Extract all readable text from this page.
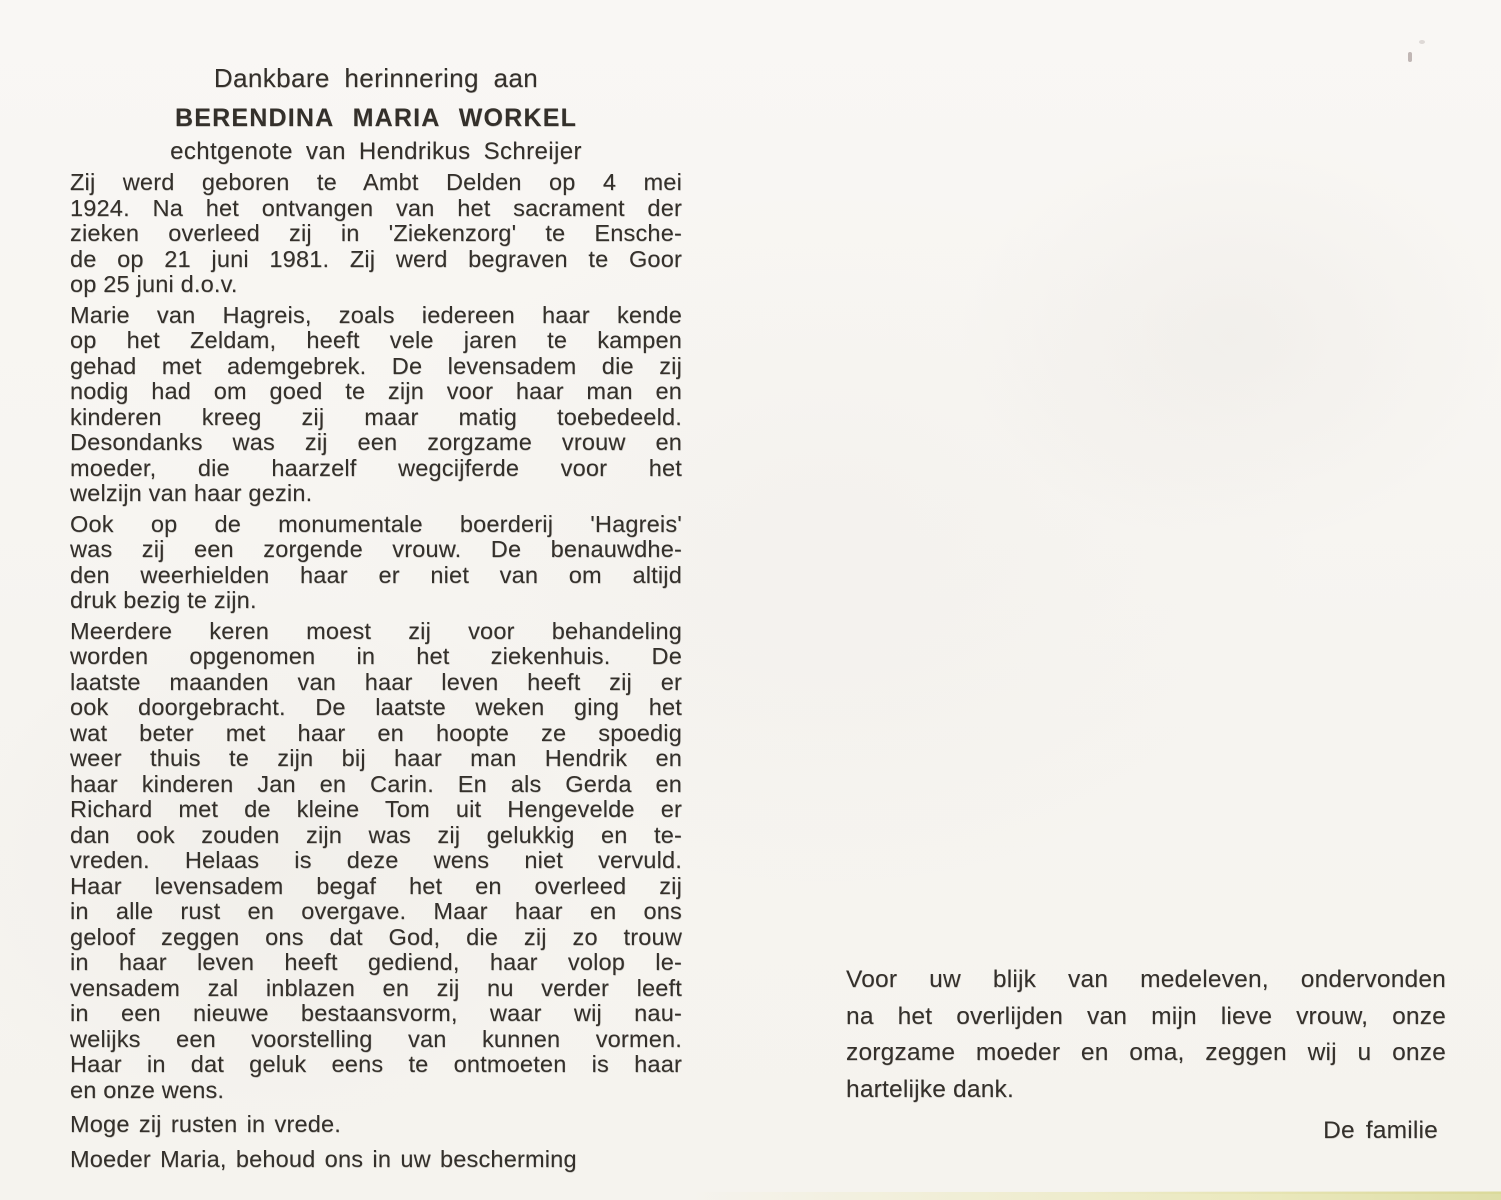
Dankbare herinnering aan
BERENDINA MARIA WORKEL
echtgenote van Hendrikus Schreijer
Zij werd geboren te Ambt Delden op 4 mei
1924. Na het ontvangen van het sacrament der
zieken overleed zij in 'Ziekenzorg' te Ensche-
de op 21 juni 1981. Zij werd begraven te Goor
op 25 juni d.o.v.
Marie van Hagreis, zoals iedereen haar kende
op het Zeldam, heeft vele jaren te kampen
gehad met ademgebrek. De levensadem die zij
nodig had om goed te zijn voor haar man en
kinderen kreeg zij maar matig toebedeeld.
Desondanks was zij een zorgzame vrouw en
moeder, die haarzelf wegcijferde voor het
welzijn van haar gezin.
Ook op de monumentale boerderij 'Hagreis'
was zij een zorgende vrouw. De benauwdhe-
den weerhielden haar er niet van om altijd
druk bezig te zijn.
Meerdere keren moest zij voor behandeling
worden opgenomen in het ziekenhuis. De
laatste maanden van haar leven heeft zij er
ook doorgebracht. De laatste weken ging het
wat beter met haar en hoopte ze spoedig
weer thuis te zijn bij haar man Hendrik en
haar kinderen Jan en Carin. En als Gerda en
Richard met de kleine Tom uit Hengevelde er
dan ook zouden zijn was zij gelukkig en te-
vreden. Helaas is deze wens niet vervuld.
Haar levensadem begaf het en overleed zij
in alle rust en overgave. Maar haar en ons
geloof zeggen ons dat God, die zij zo trouw
in haar leven heeft gediend, haar volop le-
vensadem zal inblazen en zij nu verder leeft
in een nieuwe bestaansvorm, waar wij nau-
welijks een voorstelling van kunnen vormen.
Haar in dat geluk eens te ontmoeten is haar
en onze wens.
Moge zij rusten in vrede.
Moeder Maria, behoud ons in uw bescherming
Voor uw blijk van medeleven, ondervonden
na het overlijden van mijn lieve vrouw, onze
zorgzame moeder en oma, zeggen wij u onze
hartelijke dank.
De familie
